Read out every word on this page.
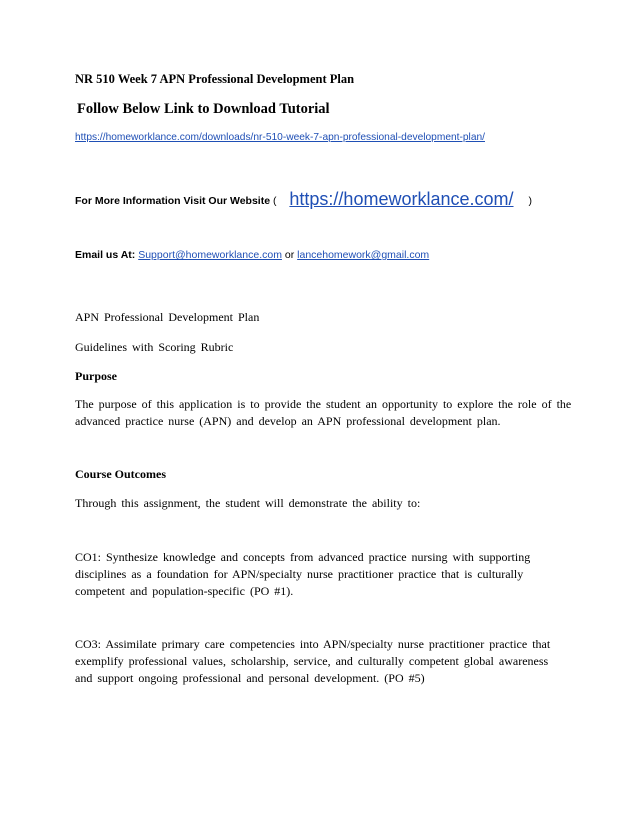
NR 510 Week 7 APN Professional Development Plan
Follow Below Link to Download Tutorial
https://homeworklance.com/downloads/nr-510-week-7-apn-professional-development-plan/
For More Information Visit Our Website ( https://homeworklance.com/ )
Email us At: Support@homeworklance.com or lancehomework@gmail.com
APN Professional Development Plan
Guidelines with Scoring Rubric
Purpose
The purpose of this application is to provide the student an opportunity to explore the role of the
advanced practice nurse (APN) and develop an APN professional development plan.
Course Outcomes
Through this assignment, the student will demonstrate the ability to:
CO1: Synthesize knowledge and concepts from advanced practice nursing with supporting
disciplines as a foundation for APN/specialty nurse practitioner practice that is culturally
competent and population-specific (PO #1).
CO3: Assimilate primary care competencies into APN/specialty nurse practitioner practice that
exemplify professional values, scholarship, service, and culturally competent global awareness
and support ongoing professional and personal development. (PO #5)
